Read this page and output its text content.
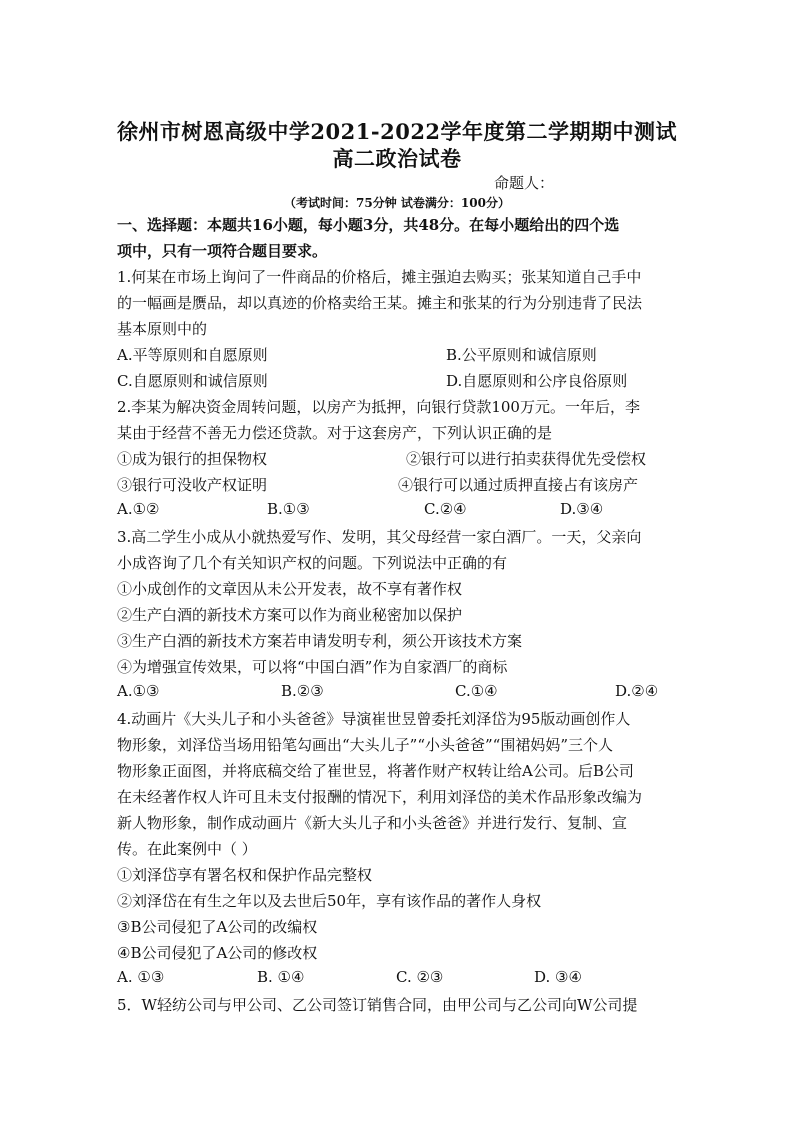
徐州市树恩高级中学2021-2022学年度第二学期期中测试
高二政治试卷
命题人：
（考试时间：75分钟 试卷满分：100分）
一、选择题：本题共16小题，每小题3分，共48分。在每小题给出的四个选
项中，只有一项符合题目要求。
1.何某在市场上询问了一件商品的价格后，摊主强迫去购买；张某知道自己手中
的一幅画是赝品，却以真迹的价格卖给王某。摊主和张某的行为分别违背了民法
基本原则中的
A.平等原则和自愿原则	B.公平原则和诚信原则
C.自愿原则和诚信原则	D.自愿原则和公序良俗原则
2.李某为解决资金周转问题，以房产为抵押，向银行贷款100万元。一年后，李
某由于经营不善无力偿还贷款。对于这套房产，下列认识正确的是
①成为银行的担保物权	②银行可以进行拍卖获得优先受偿权
③银行可没收产权证明	④银行可以通过质押直接占有该房产
A.①②	B.①③	C.②④	D.③④
3.高二学生小成从小就热爱写作、发明，其父母经营一家白酒厂。一天，父亲向
小成咨询了几个有关知识产权的问题。下列说法中正确的有
①小成创作的文章因从未公开发表，故不享有著作权
②生产白酒的新技术方案可以作为商业秘密加以保护
③生产白酒的新技术方案若申请发明专利，须公开该技术方案
④为增强宣传效果，可以将“中国白酒”作为自家酒厂的商标
A.①③	B.②③	C.①④	D.②④
4.动画片《大头儿子和小头爸爸》导演崔世昱曾委托刘泽岱为95版动画创作人
物形象，刘泽岱当场用铅笔勾画出“大头儿子”“小头爸爸”“围裙妈妈”三个人
物形象正面图，并将底稿交给了崔世昱，将著作财产权转让给A公司。后B公司
在未经著作权人许可且未支付报酬的情况下，利用刘泽岱的美术作品形象改编为
新人物形象，制作成动画片《新大头儿子和小头爸爸》并进行发行、复制、宣
传。在此案例中（ ）
①刘泽岱享有署名权和保护作品完整权
②刘泽岱在有生之年以及去世后50年，享有该作品的著作人身权
③B公司侵犯了A公司的改编权
④B公司侵犯了A公司的修改权
A. ①③	B. ①④	C. ②③	D. ③④
5．W轻纺公司与甲公司、乙公司签订销售合同，由甲公司与乙公司向W公司提
